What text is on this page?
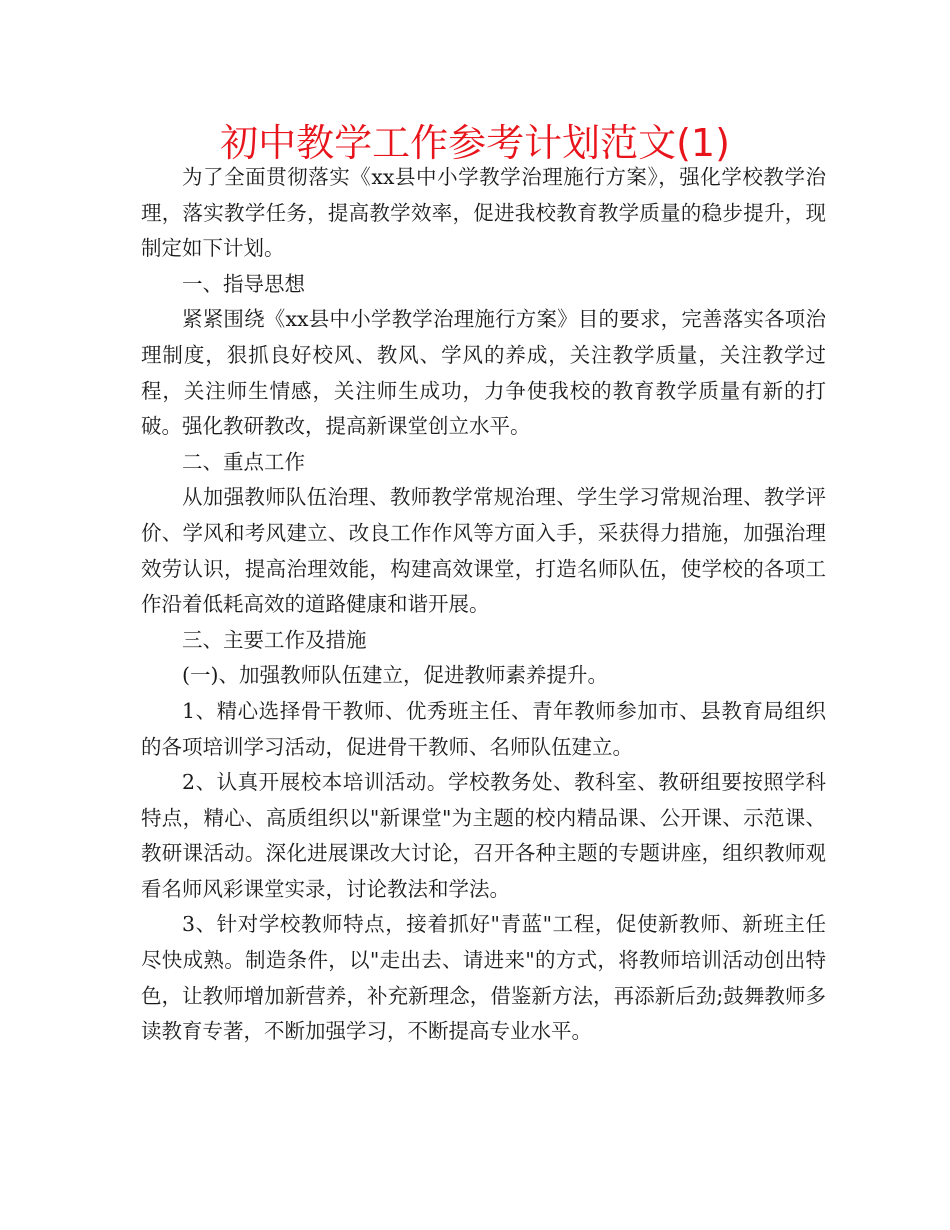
初中教学工作参考计划范文(1)

为了全面贯彻落实《xx县中小学教学治理施行方案》，强化学校教学治理，落实教学任务，提高教学效率，促进我校教育教学质量的稳步提升，现制定如下计划。

一、指导思想

紧紧围绕《xx县中小学教学治理施行方案》目的要求，完善落实各项治理制度，狠抓良好校风、教风、学风的养成，关注教学质量，关注教学过程，关注师生情感，关注师生成功，力争使我校的教育教学质量有新的打破。强化教研教改，提高新课堂创立水平。

二、重点工作

从加强教师队伍治理、教师教学常规治理、学生学习常规治理、教学评价、学风和考风建立、改良工作作风等方面入手，采获得力措施，加强治理效劳认识，提高治理效能，构建高效课堂，打造名师队伍，使学校的各项工作沿着低耗高效的道路健康和谐开展。

三、主要工作及措施

(一)、加强教师队伍建立，促进教师素养提升。

1、精心选择骨干教师、优秀班主任、青年教师参加市、县教育局组织的各项培训学习活动，促进骨干教师、名师队伍建立。

2、认真开展校本培训活动。学校教务处、教科室、教研组要按照学科特点，精心、高质组织以"新课堂"为主题的校内精品课、公开课、示范课、教研课活动。深化进展课改大讨论，召开各种主题的专题讲座，组织教师观看名师风彩课堂实录，讨论教法和学法。

3、针对学校教师特点，接着抓好"青蓝"工程，促使新教师、新班主任尽快成熟。制造条件，以"走出去、请进来"的方式，将教师培训活动创出特色，让教师增加新营养，补充新理念，借鉴新方法，再添新后劲;鼓舞教师多读教育专著，不断加强学习，不断提高专业水平。
